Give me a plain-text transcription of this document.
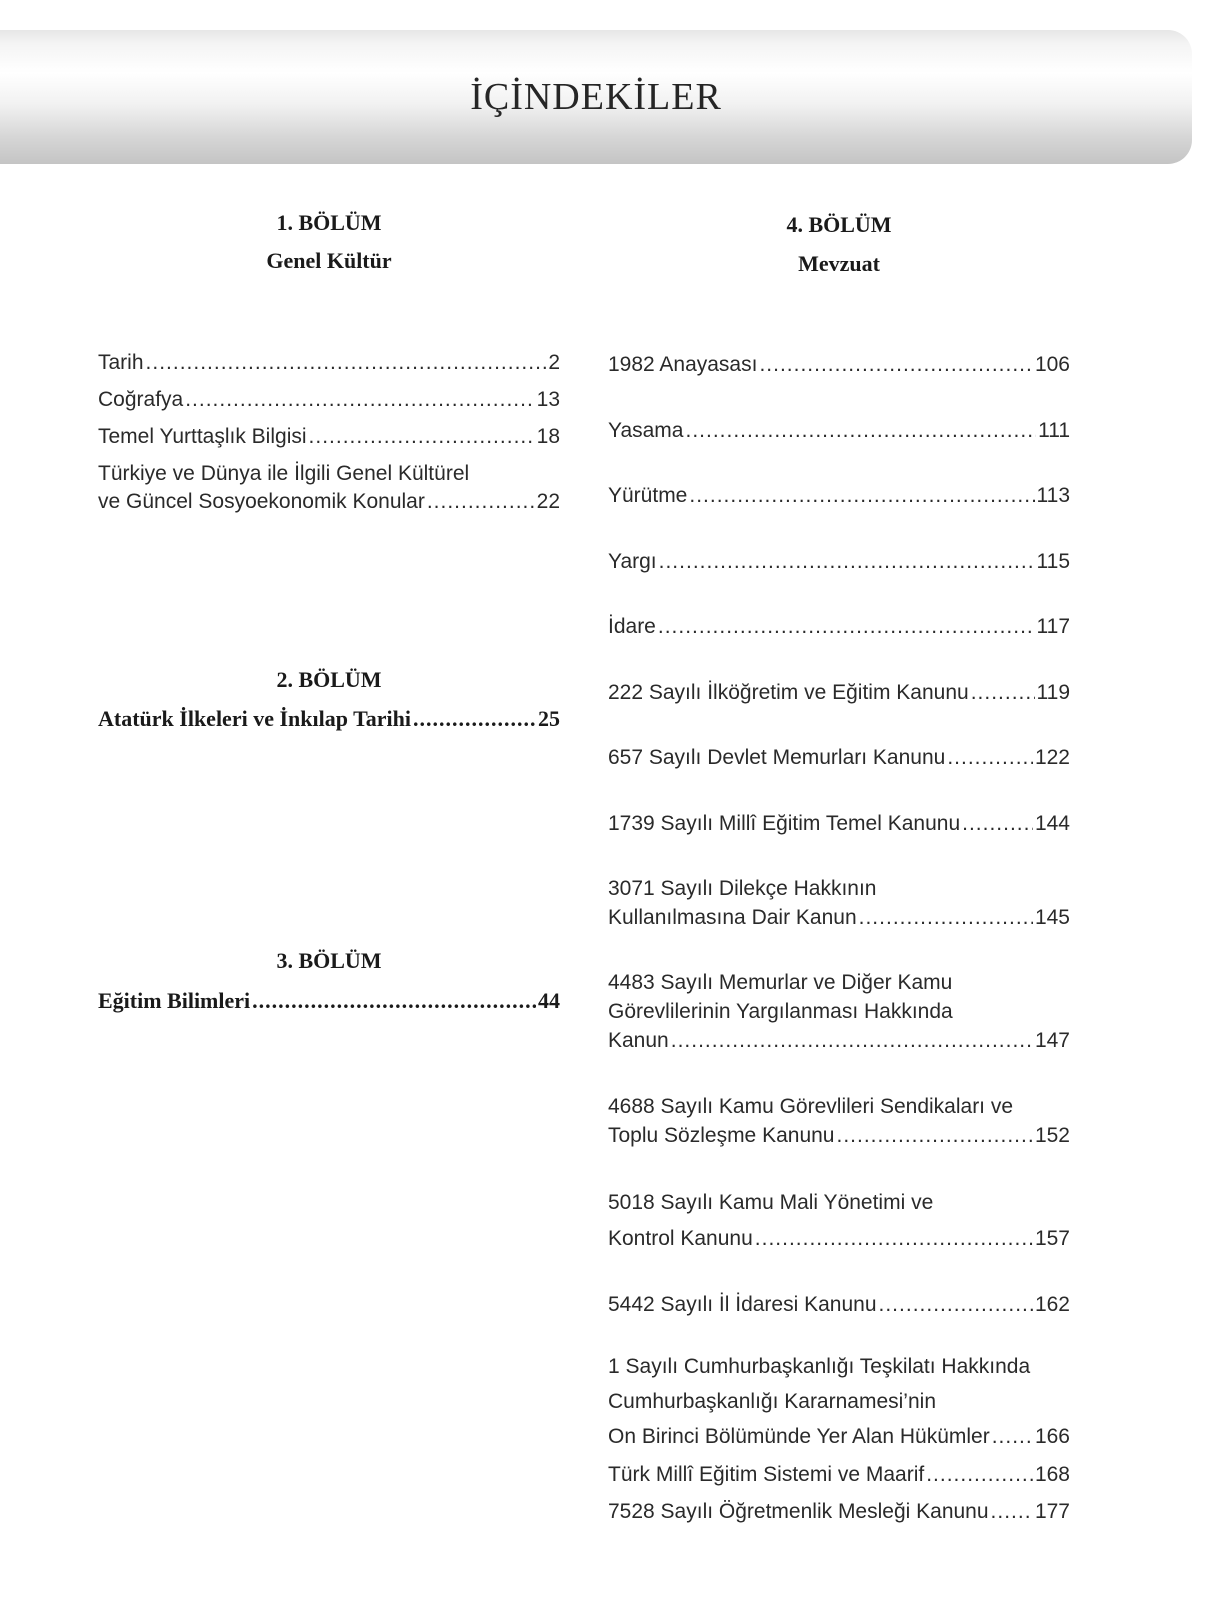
İÇİNDEKİLER
1. BÖLÜM
Genel Kültür
4. BÖLÜM
Mevzuat
Tarih .....	2
Coğrafya .....	13
Temel Yurttaşlık Bilgisi .....	18
Türkiye ve Dünya ile İlgili Genel Kültürel
ve Güncel Sosyoekonomik Konular .....	22
2. BÖLÜM
Atatürk İlkeleri ve İnkılap Tarihi .....	25
3. BÖLÜM
Eğitim Bilimleri .....	44
1982 Anayasası .....	106
Yasama .....	111
Yürütme .....	113
Yargı .....	115
İdare .....	117
222 Sayılı İlköğretim ve Eğitim Kanunu .....	119
657 Sayılı Devlet Memurları Kanunu .....	122
1739 Sayılı Millî Eğitim Temel Kanunu .....	144
3071 Sayılı Dilekçe Hakkının
Kullanılmasına Dair Kanun .....	145
4483 Sayılı Memurlar ve Diğer Kamu
Görevlilerinin Yargılanması Hakkında
Kanun .....	147
4688 Sayılı Kamu Görevlileri Sendikaları ve
Toplu Sözleşme Kanunu .....	152
5018 Sayılı Kamu Mali Yönetimi ve
Kontrol Kanunu .....	157
5442 Sayılı İl İdaresi Kanunu .....	162
1 Sayılı Cumhurbaşkanlığı Teşkilatı Hakkında
Cumhurbaşkanlığı Kararnamesi’nin
On Birinci Bölümünde Yer Alan Hükümler ..... 166
Türk Millî Eğitim Sistemi ve Maarif .....	168
7528 Sayılı Öğretmenlik Mesleği Kanunu ..... 177
